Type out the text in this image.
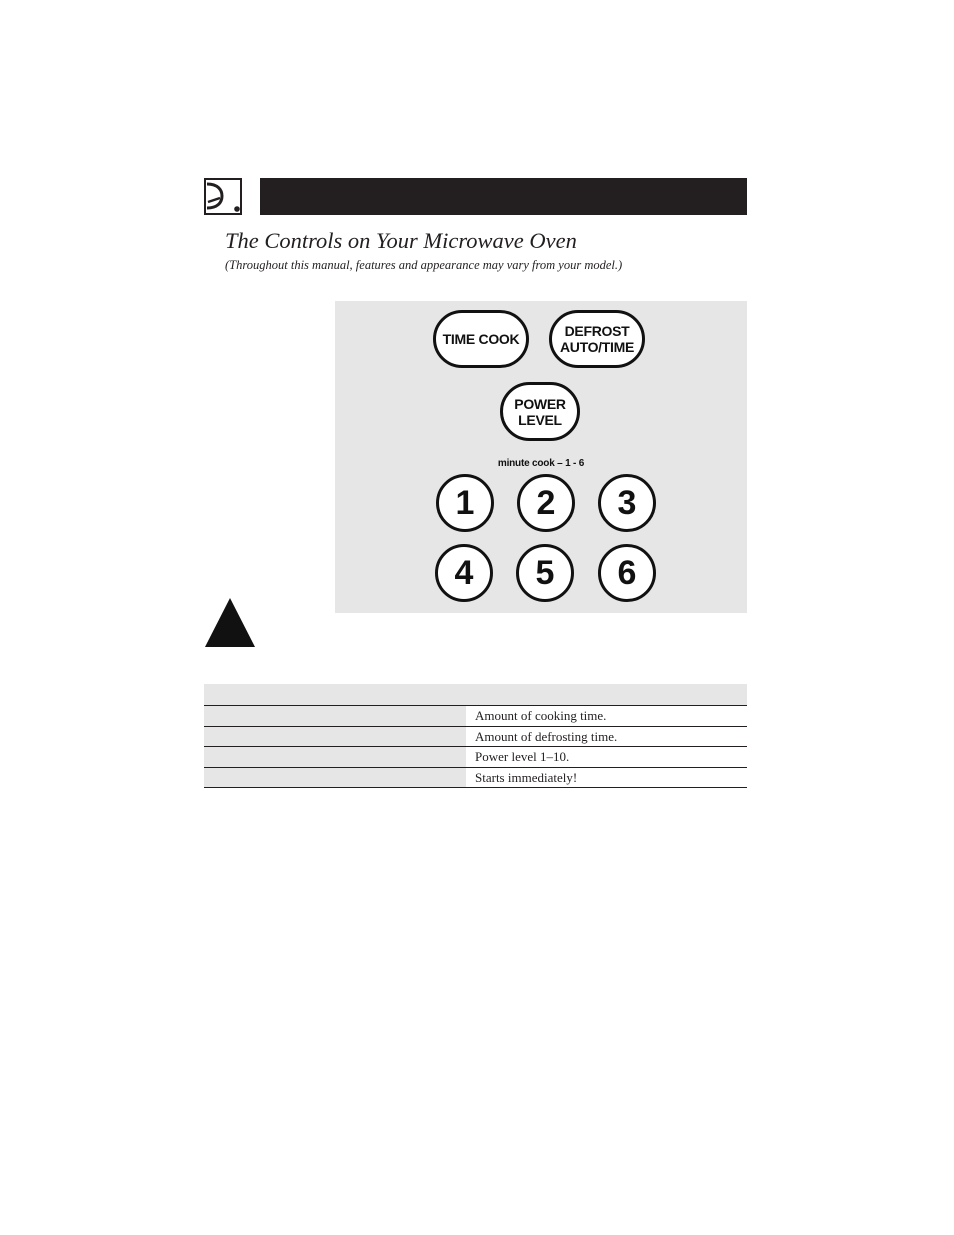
The Controls on Your Microwave Oven
(Throughout this manual, features and appearance may vary from your model.)
TIME COOK	DEFROST
AUTO/TIME
POWER
LEVEL
minute cook – 1 - 6
1 2 3
4 5 6
Amount of cooking time.
Amount of defrosting time.
Power level 1–10.
Starts immediately!
